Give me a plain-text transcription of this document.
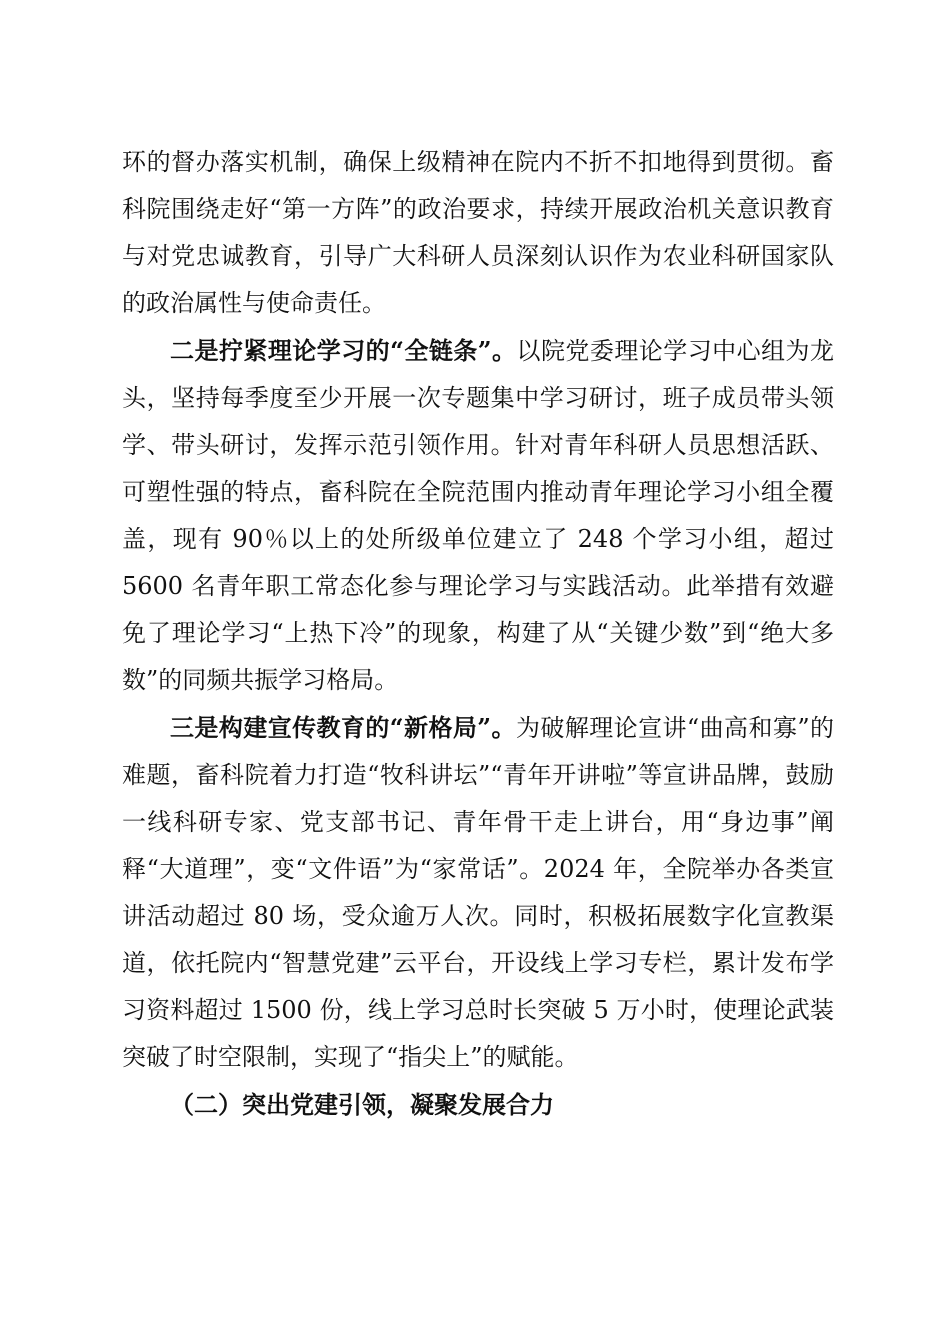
环的督办落实机制，确保上级精神在院内不折不扣地得到贯彻。畜科院围绕走好“第一方阵”的政治要求，持续开展政治机关意识教育与对党忠诚教育，引导广大科研人员深刻认识作为农业科研国家队的政治属性与使命责任。

二是拧紧理论学习的“全链条”。以院党委理论学习中心组为龙头，坚持每季度至少开展一次专题集中学习研讨，班子成员带头领学、带头研讨，发挥示范引领作用。针对青年科研人员思想活跃、可塑性强的特点，畜科院在全院范围内推动青年理论学习小组全覆盖，现有 90％以上的处所级单位建立了 248 个学习小组，超过 5600 名青年职工常态化参与理论学习与实践活动。此举措有效避免了理论学习“上热下冷”的现象，构建了从“关键少数”到“绝大多数”的同频共振学习格局。

三是构建宣传教育的“新格局”。为破解理论宣讲“曲高和寡”的难题，畜科院着力打造“牧科讲坛”“青年开讲啦”等宣讲品牌，鼓励一线科研专家、党支部书记、青年骨干走上讲台，用“身边事”阐释“大道理”，变“文件语”为“家常话”。2024 年，全院举办各类宣讲活动超过 80 场，受众逾万人次。同时，积极拓展数字化宣教渠道，依托院内“智慧党建”云平台，开设线上学习专栏，累计发布学习资料超过 1500 份，线上学习总时长突破 5 万小时，使理论武装突破了时空限制，实现了“指尖上”的赋能。

（二）突出党建引领，凝聚发展合力
